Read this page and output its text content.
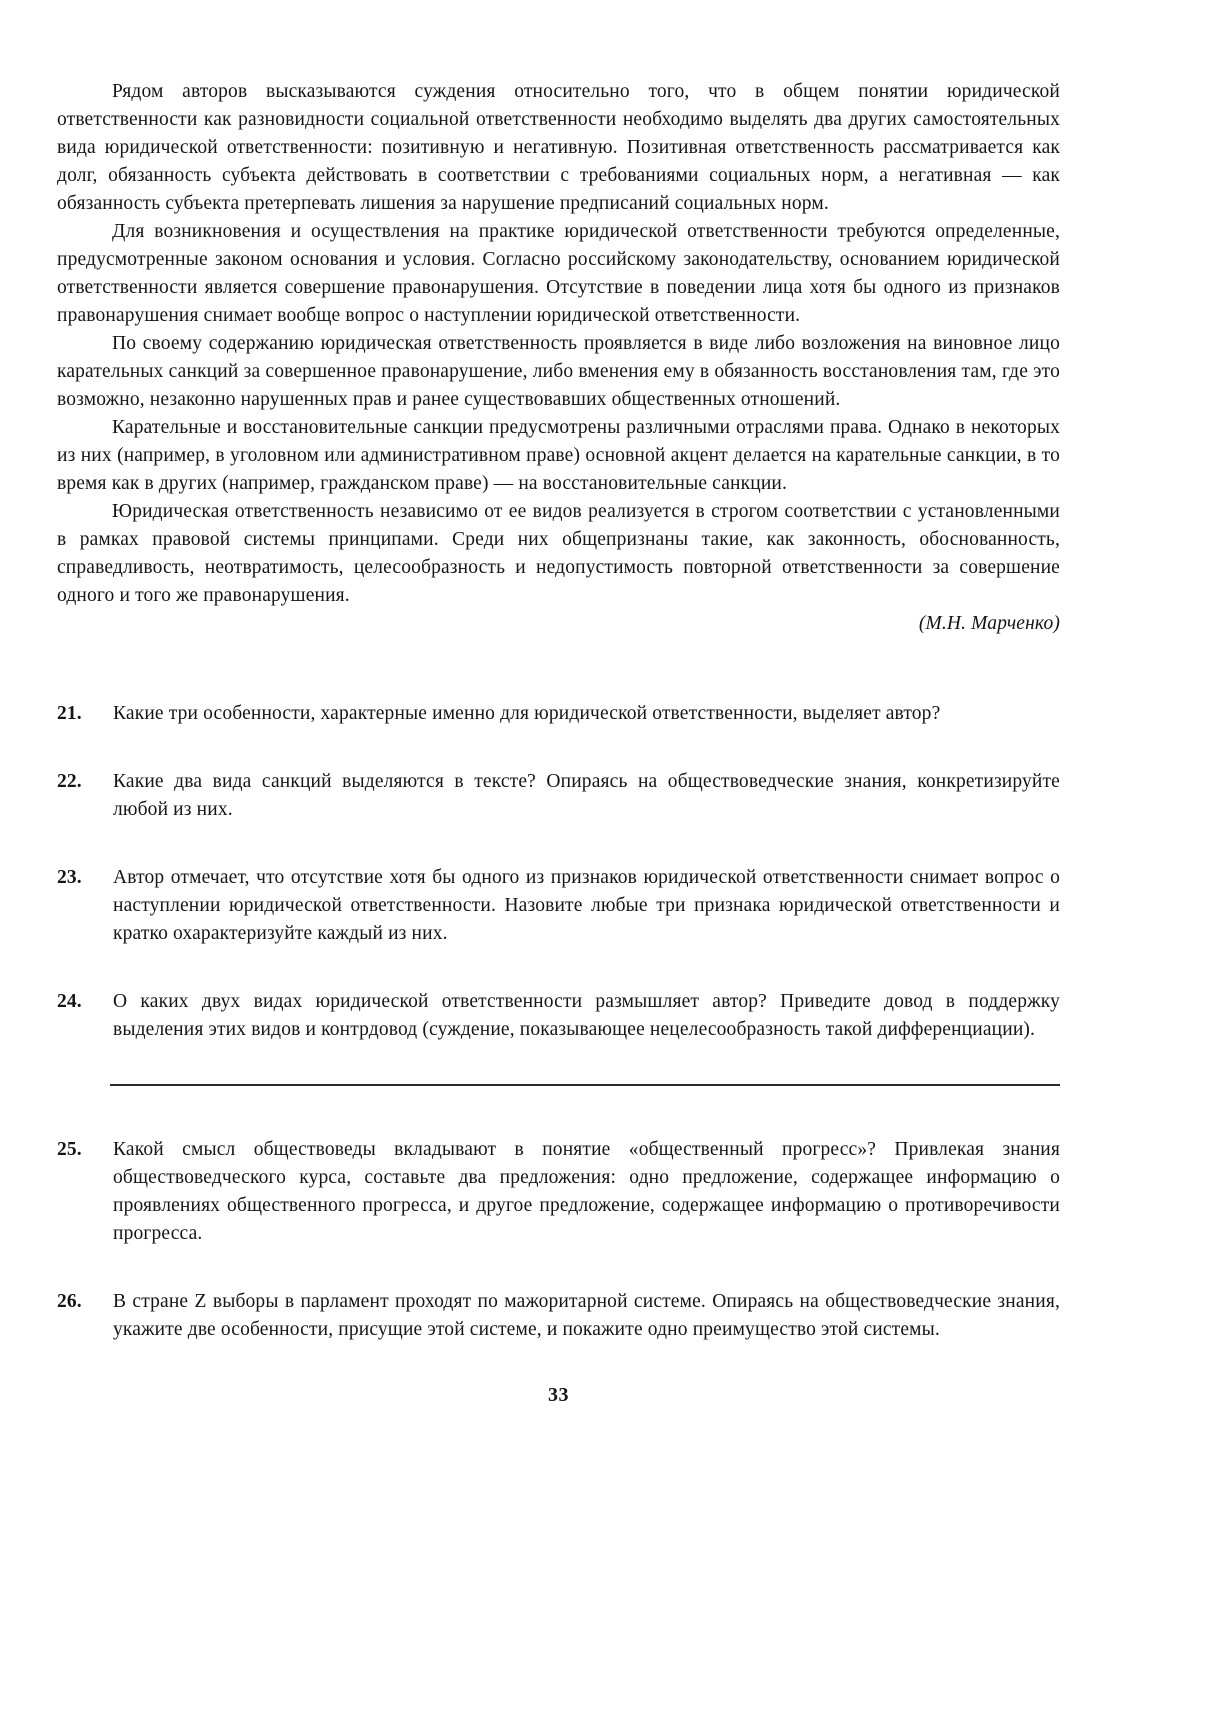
Рядом авторов высказываются суждения относительно того, что в общем понятии юридической ответственности как разновидности социальной ответственности необходимо выделять два других самостоятельных вида юридической ответственности: позитивную и негативную. Позитивная ответственность рассматривается как долг, обязанность субъекта действовать в соответствии с требованиями социальных норм, а негативная — как обязанность субъекта претерпевать лишения за нарушение предписаний социальных норм.

Для возникновения и осуществления на практике юридической ответственности требуются определенные, предусмотренные законом основания и условия. Согласно российскому законодательству, основанием юридической ответственности является совершение правонарушения. Отсутствие в поведении лица хотя бы одного из признаков правонарушения снимает вообще вопрос о наступлении юридической ответственности.

По своему содержанию юридическая ответственность проявляется в виде либо возложения на виновное лицо карательных санкций за совершенное правонарушение, либо вменения ему в обязанность восстановления там, где это возможно, незаконно нарушенных прав и ранее существовавших общественных отношений.

Карательные и восстановительные санкции предусмотрены различными отраслями права. Однако в некоторых из них (например, в уголовном или административном праве) основной акцент делается на карательные санкции, в то время как в других (например, гражданском праве) — на восстановительные санкции.

Юридическая ответственность независимо от ее видов реализуется в строгом соответствии с установленными в рамках правовой системы принципами. Среди них общепризнаны такие, как законность, обоснованность, справедливость, неотвратимость, целесообразность и недопустимость повторной ответственности за совершение одного и того же правонарушения.

(М.Н. Марченко)

21.	Какие три особенности, характерные именно для юридической ответственности, выделяет автор?
22.	Какие два вида санкций выделяются в тексте? Опираясь на обществоведческие знания, конкретизируйте любой из них.
23.	Автор отмечает, что отсутствие хотя бы одного из признаков юридической ответственности снимает вопрос о наступлении юридической ответственности. Назовите любые три признака юридической ответственности и кратко охарактеризуйте каждый из них.
24.	О каких двух видах юридической ответственности размышляет автор? Приведите довод в поддержку выделения этих видов и контрдовод (суждение, показывающее нецелесообразность такой дифференциации).
25.	Какой смысл обществоведы вкладывают в понятие «общественный прогресс»? Привлекая знания обществоведческого курса, составьте два предложения: одно предложение, содержащее информацию о проявлениях общественного прогресса, и другое предложение, содержащее информацию о противоречивости прогресса.
26.	В стране Z выборы в парламент проходят по мажоритарной системе. Опираясь на обществоведческие знания, укажите две особенности, присущие этой системе, и покажите одно преимущество этой системы.
33
